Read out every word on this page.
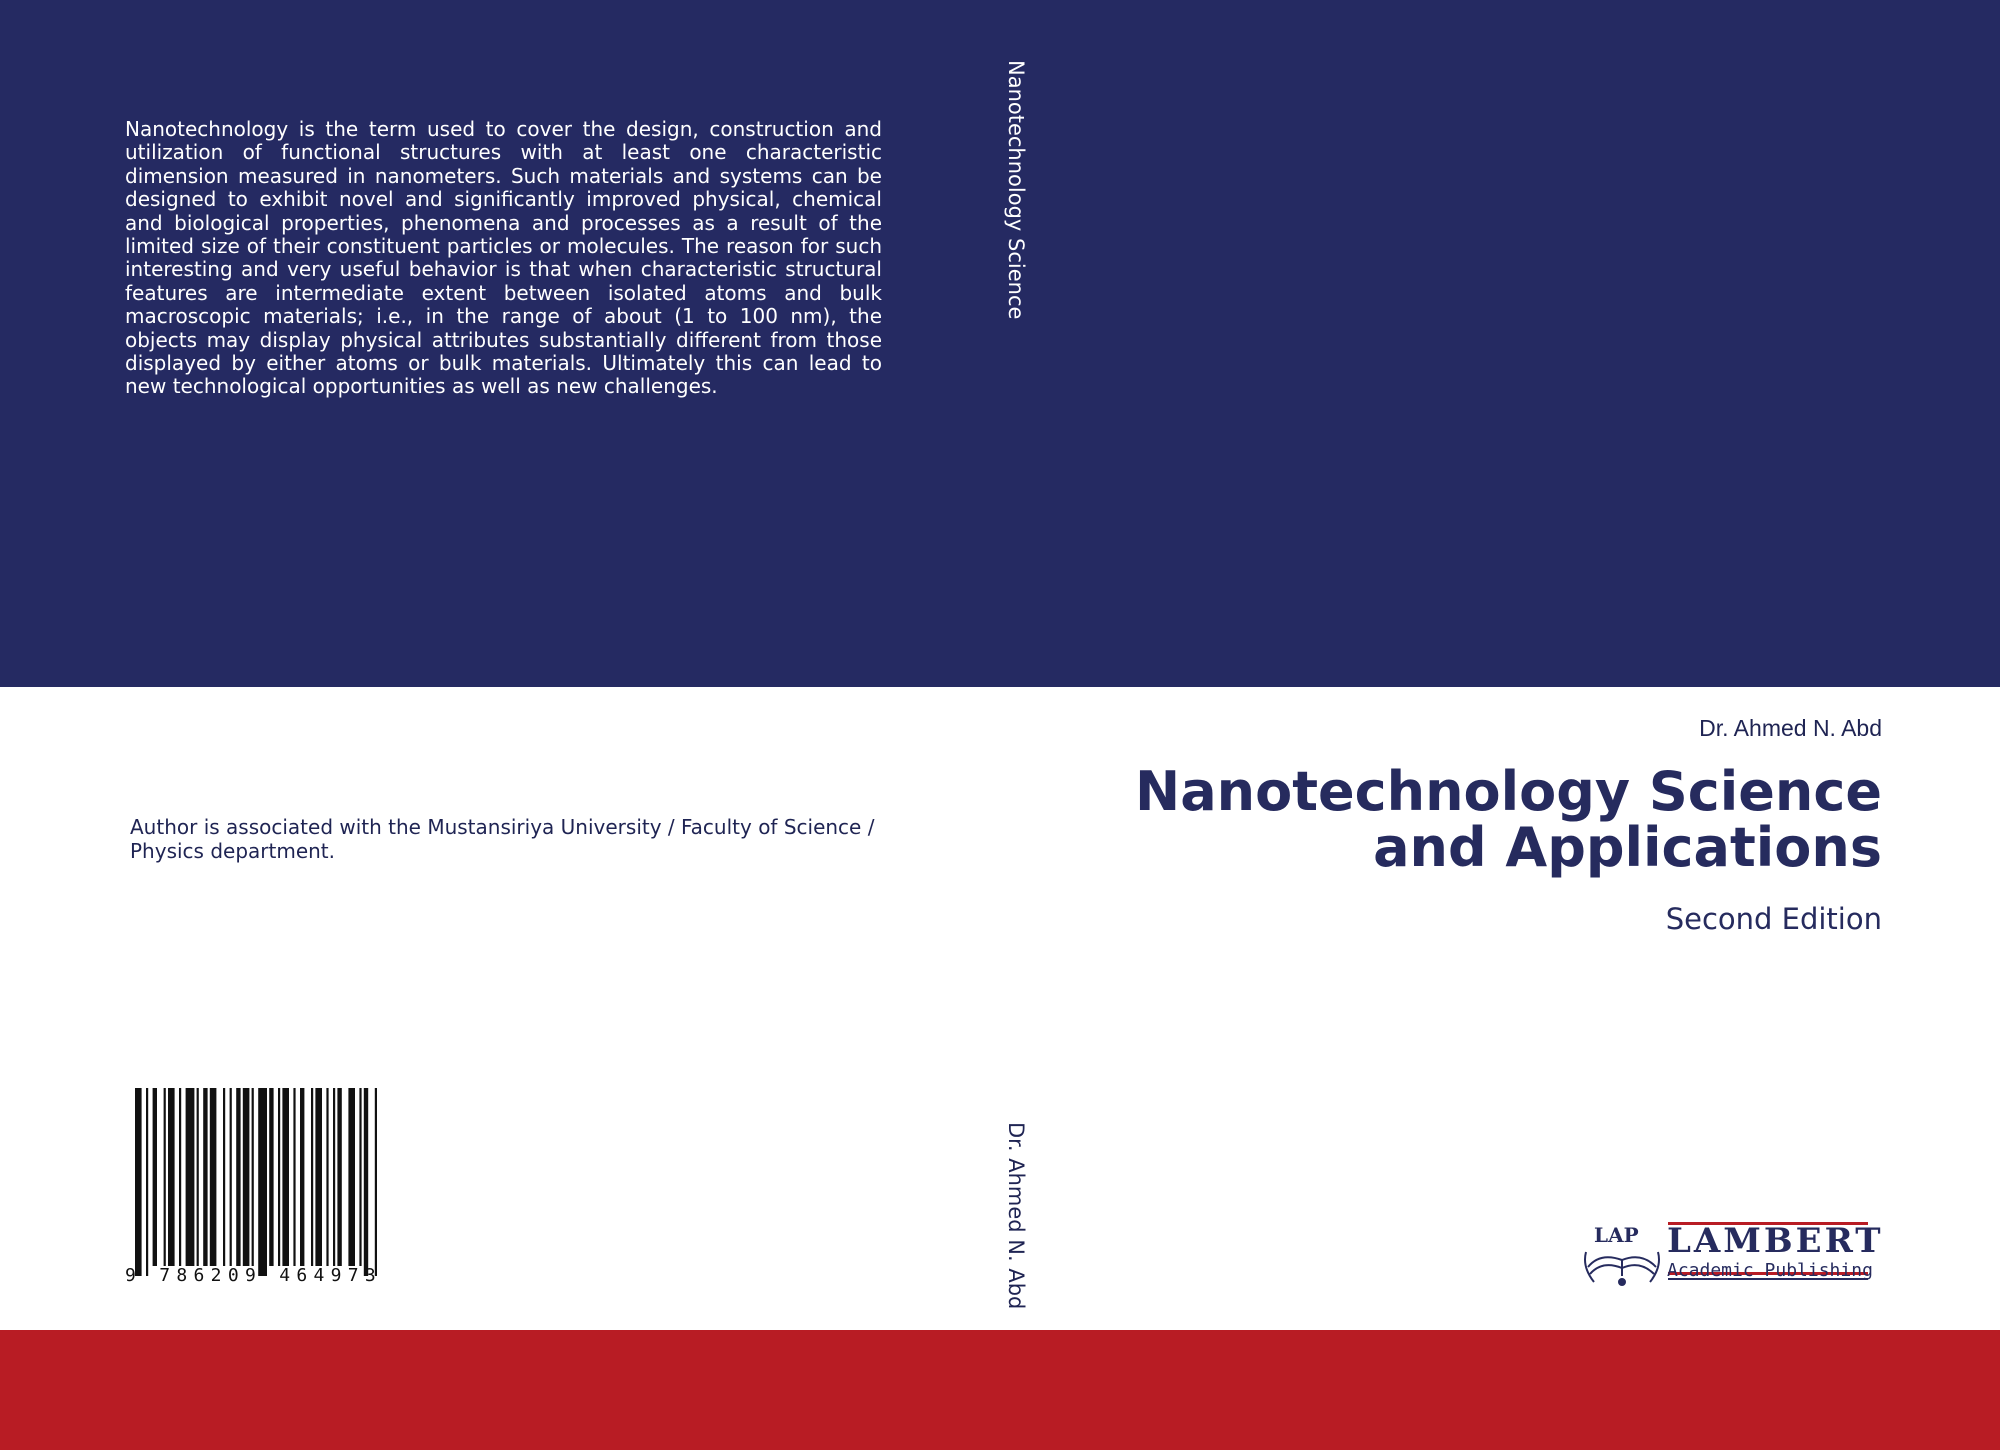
Nanotechnology is the term used to cover the design, construction and utilization of functional structures with at least one characteristic dimension measured in nanometers. Such materials and systems can be designed to exhibit novel and significantly improved physical, chemical and biological properties, phenomena and processes as a result of the limited size of their constituent particles or molecules. The reason for such interesting and very useful behavior is that when characteristic structural features are intermediate extent between isolated atoms and bulk macroscopic materials; i.e., in the range of about (1 to 100 nm), the objects may display physical attributes substantially different from those displayed by either atoms or bulk materials. Ultimately this can lead to new technological opportunities as well as new challenges.

Nanotechnology Science
Dr. Ahmed N. Abd

Author is associated with the Mustansiriya University / Faculty of Science / Physics department.

Dr. Ahmed N. Abd
Nanotechnology Science
and Applications
Second Edition
9 786209 464973
LAP LAMBERT
Academic Publishing
